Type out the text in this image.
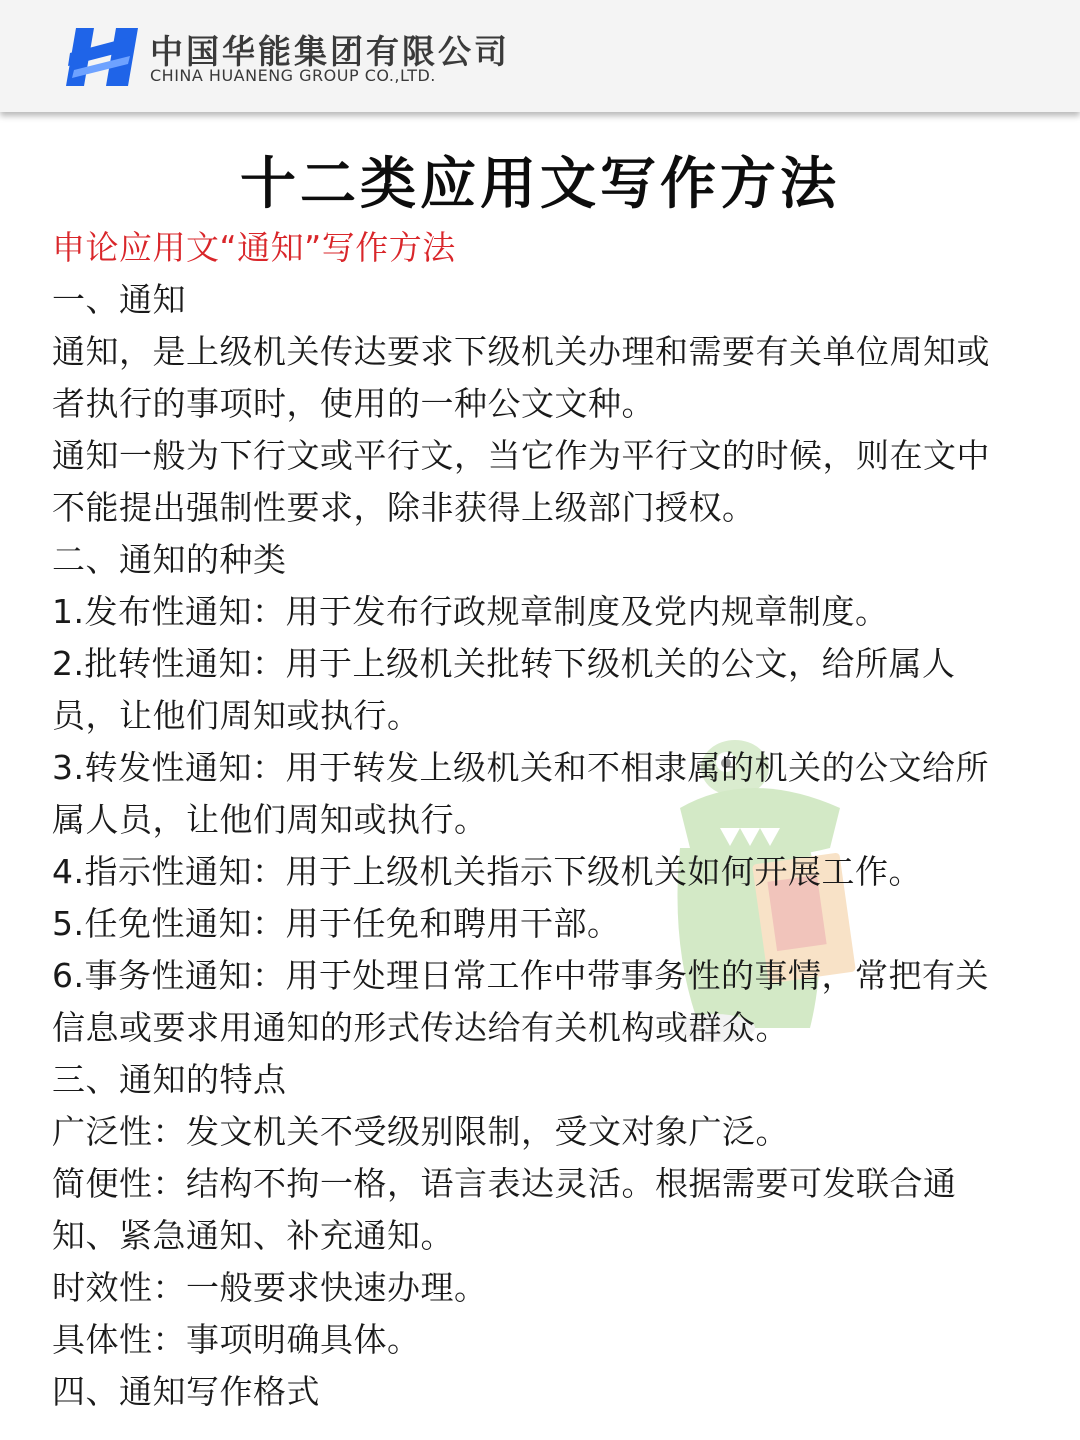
中国华能集团有限公司
CHINA HUANENG GROUP CO.,LTD.
十二类应用文写作方法
申论应用文“通知”写作方法
一、通知
通知，是上级机关传达要求下级机关办理和需要有关单位周知或
者执行的事项时，使用的一种公文文种。
通知一般为下行文或平行文，当它作为平行文的时候，则在文中
不能提出强制性要求，除非获得上级部门授权。
二、通知的种类
1.发布性通知：用于发布行政规章制度及党内规章制度。
2.批转性通知：用于上级机关批转下级机关的公文，给所属人
员，让他们周知或执行。
3.转发性通知：用于转发上级机关和不相隶属的机关的公文给所
属人员，让他们周知或执行。
4.指示性通知：用于上级机关指示下级机关如何开展工作。
5.任免性通知：用于任免和聘用干部。
6.事务性通知：用于处理日常工作中带事务性的事情，常把有关
信息或要求用通知的形式传达给有关机构或群众。
三、通知的特点
广泛性：发文机关不受级别限制，受文对象广泛。
简便性：结构不拘一格，语言表达灵活。根据需要可发联合通
知、紧急通知、补充通知。
时效性：一般要求快速办理。
具体性：事项明确具体。
四、通知写作格式
